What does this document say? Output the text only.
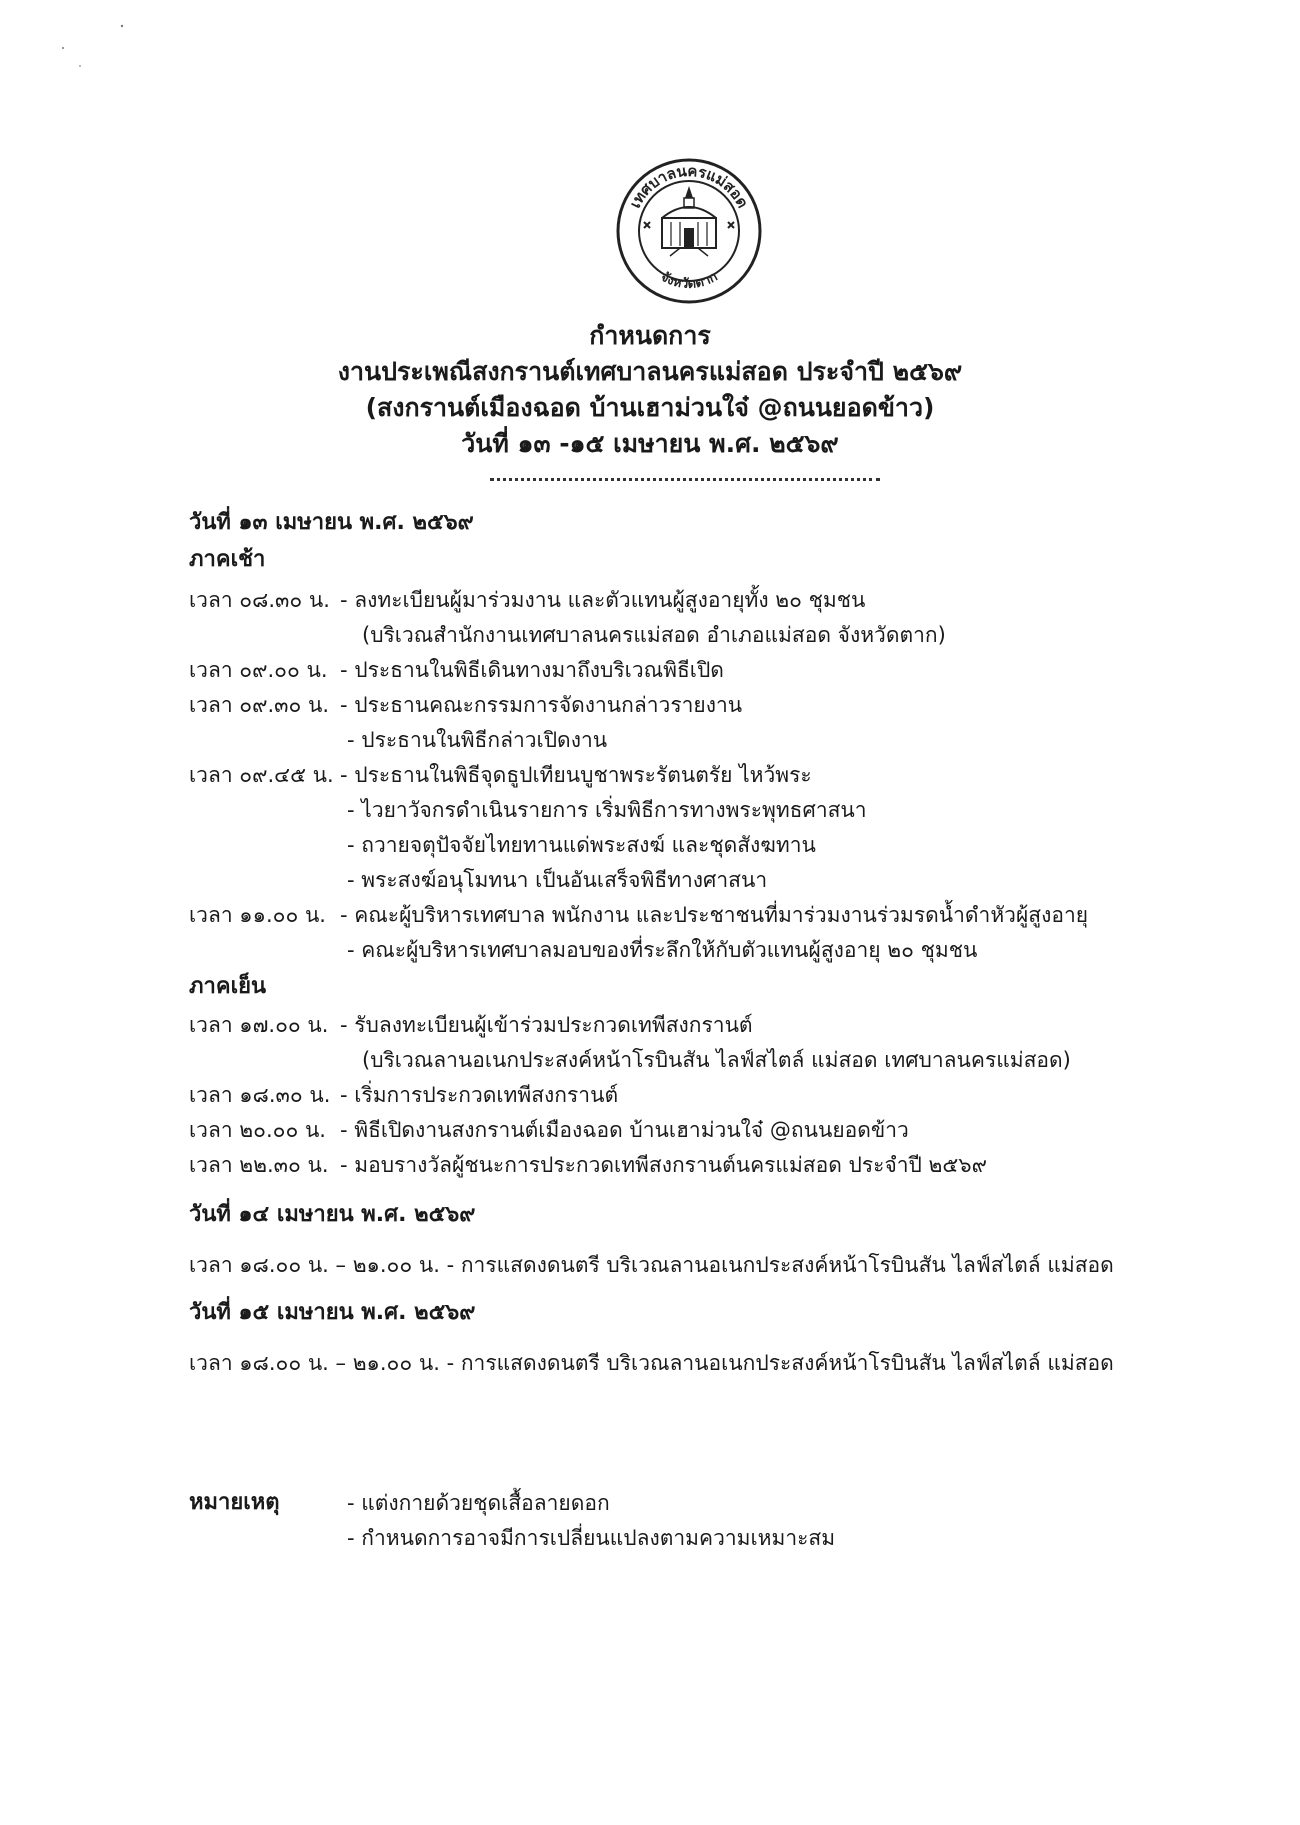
เทศบาลนครแม่สอด
จังหวัดตาก
กำหนดการ
งานประเพณีสงกรานต์เทศบาลนครแม่สอด ประจำปี ๒๕๖๙
(สงกรานต์เมืองฉอด บ้านเฮาม่วนใจ๋ @ถนนยอดข้าว)
วันที่ ๑๓ -๑๕ เมษายน พ.ศ. ๒๕๖๙
วันที่ ๑๓ เมษายน พ.ศ. ๒๕๖๙
ภาคเช้า
เวลา ๐๘.๓๐ น. - ลงทะเบียนผู้มาร่วมงาน และตัวแทนผู้สูงอายุทั้ง ๒๐ ชุมชน
(บริเวณสำนักงานเทศบาลนครแม่สอด อำเภอแม่สอด จังหวัดตาก)
เวลา ๐๙.๐๐ น. - ประธานในพิธีเดินทางมาถึงบริเวณพิธีเปิด
เวลา ๐๙.๓๐ น. - ประธานคณะกรรมการจัดงานกล่าวรายงาน
- ประธานในพิธีกล่าวเปิดงาน
เวลา ๐๙.๔๕ น. - ประธานในพิธีจุดธูปเทียนบูชาพระรัตนตรัย ไหว้พระ
- ไวยาวัจกรดำเนินรายการ เริ่มพิธีการทางพระพุทธศาสนา
- ถวายจตุปัจจัยไทยทานแด่พระสงฆ์ และชุดสังฆทาน
- พระสงฆ์อนุโมทนา เป็นอันเสร็จพิธีทางศาสนา
เวลา ๑๑.๐๐ น. - คณะผู้บริหารเทศบาล พนักงาน และประชาชนที่มาร่วมงานร่วมรดน้ำดำหัวผู้สูงอายุ
- คณะผู้บริหารเทศบาลมอบของที่ระลึกให้กับตัวแทนผู้สูงอายุ ๒๐ ชุมชน
ภาคเย็น
เวลา ๑๗.๐๐ น. - รับลงทะเบียนผู้เข้าร่วมประกวดเทพีสงกรานต์
(บริเวณลานอเนกประสงค์หน้าโรบินสัน ไลฟ์สไตล์ แม่สอด เทศบาลนครแม่สอด)
เวลา ๑๘.๓๐ น. - เริ่มการประกวดเทพีสงกรานต์
เวลา ๒๐.๐๐ น. - พิธีเปิดงานสงกรานต์เมืองฉอด บ้านเฮาม่วนใจ๋ @ถนนยอดข้าว
เวลา ๒๒.๓๐ น. - มอบรางวัลผู้ชนะการประกวดเทพีสงกรานต์นครแม่สอด ประจำปี ๒๕๖๙
วันที่ ๑๔ เมษายน พ.ศ. ๒๕๖๙
เวลา ๑๘.๐๐ น. – ๒๑.๐๐ น. - การแสดงดนตรี บริเวณลานอเนกประสงค์หน้าโรบินสัน ไลฟ์สไตล์ แม่สอด
วันที่ ๑๕ เมษายน พ.ศ. ๒๕๖๙
เวลา ๑๘.๐๐ น. – ๒๑.๐๐ น. - การแสดงดนตรี บริเวณลานอเนกประสงค์หน้าโรบินสัน ไลฟ์สไตล์ แม่สอด
หมายเหตุ	- แต่งกายด้วยชุดเสื้อลายดอก
- กำหนดการอาจมีการเปลี่ยนแปลงตามความเหมาะสม
